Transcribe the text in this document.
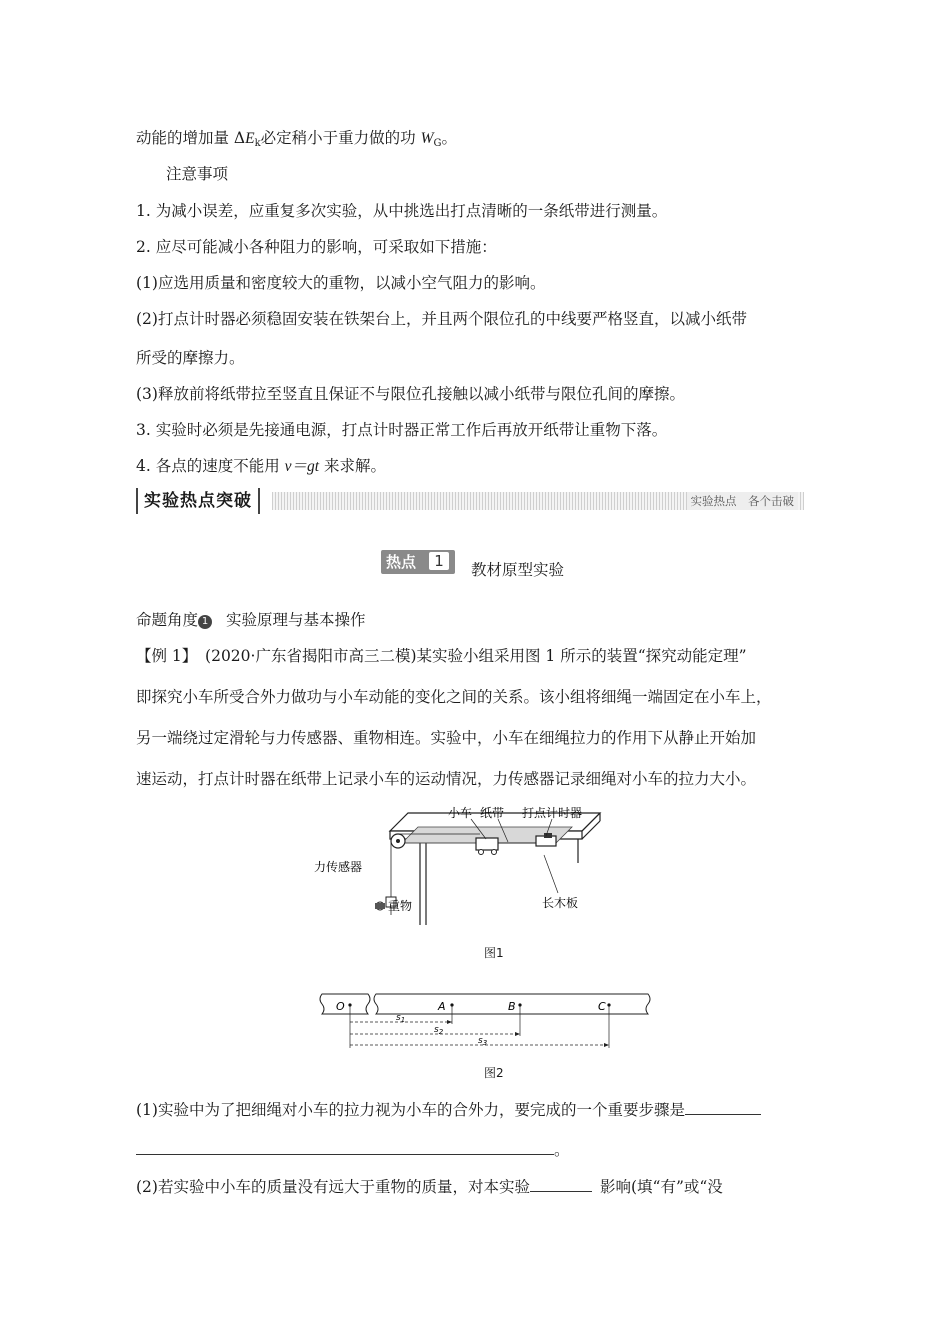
动能的增加量 $\Delta E_k$必定稍小于重力做的功 $W_G$。
注意事项
1. 为减小误差，应重复多次实验，从中挑选出打点清晰的一条纸带进行测量。
2. 应尽可能减小各种阻力的影响，可采取如下措施：
(1)应选用质量和密度较大的重物，以减小空气阻力的影响。
(2)打点计时器必须稳固安装在铁架台上，并且两个限位孔的中线要严格竖直，以减小纸带
所受的摩擦力。
(3)释放前将纸带拉至竖直且保证不与限位孔接触以减小纸带与限位孔间的摩擦。
3. 实验时必须是先接通电源，打点计时器正常工作后再放开纸带让重物下落。
4. 各点的速度不能用 v＝gt 来求解。
实验热点突破	实验热点　各个击破
热点	1	教材原型实验
命题角度 1 实验原理与基本操作
【例 1】　(2020·广东省揭阳市高三二模)某实验小组采用图 1 所示的装置“探究动能定理”
即探究小车所受合外力做功与小车动能的变化之间的关系。该小组将细绳一端固定在小车上，
另一端绕过定滑轮与力传感器、重物相连。实验中，小车在细绳拉力的作用下从静止开始加
速运动，打点计时器在纸带上记录小车的运动情况，力传感器记录细绳对小车的拉力大小。
小车 纸带 打点计时器
力传感器
重物	长木板
图1
O	A	B	C
$s_1$
$s_2$
$s_3$
图2
(1)实验中为了把细绳对小车的拉力视为小车的合外力，要完成的一个重要步骤是
。
(2)若实验中小车的质量没有远大于重物的质量，对本实验	影响(填“有”或“没
